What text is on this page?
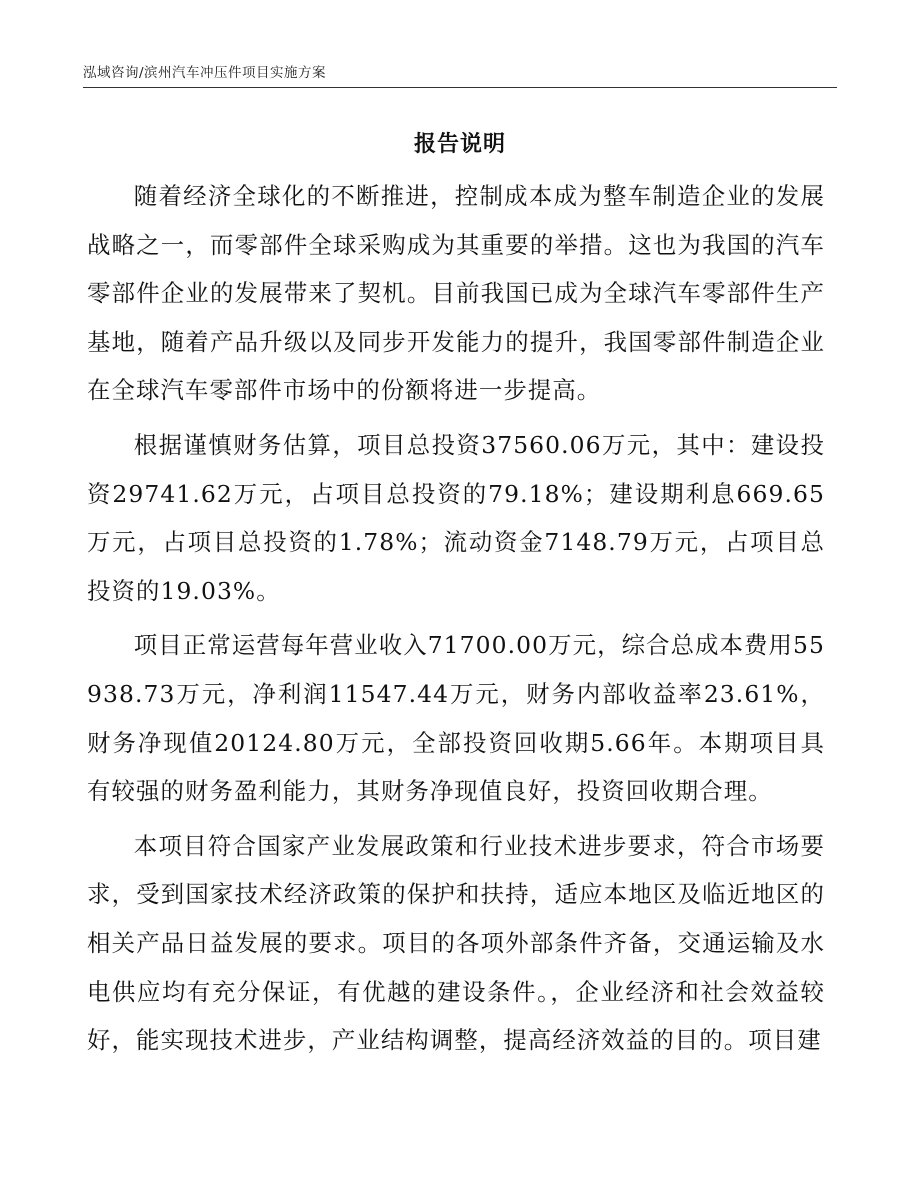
泓域咨询/滨州汽车冲压件项目实施方案
报告说明

随着经济全球化的不断推进，控制成本成为整车制造企业的发展战略之一，而零部件全球采购成为其重要的举措。这也为我国的汽车零部件企业的发展带来了契机。目前我国已成为全球汽车零部件生产基地，随着产品升级以及同步开发能力的提升，我国零部件制造企业在全球汽车零部件市场中的份额将进一步提高。

根据谨慎财务估算，项目总投资37560.06万元，其中：建设投资29741.62万元，占项目总投资的79.18%；建设期利息669.65万元，占项目总投资的1.78%；流动资金7148.79万元，占项目总投资的19.03%。

项目正常运营每年营业收入71700.00万元，综合总成本费用55938.73万元，净利润11547.44万元，财务内部收益率23.61%，财务净现值20124.80万元，全部投资回收期5.66年。本期项目具有较强的财务盈利能力，其财务净现值良好，投资回收期合理。

本项目符合国家产业发展政策和行业技术进步要求，符合市场要求，受到国家技术经济政策的保护和扶持，适应本地区及临近地区的相关产品日益发展的要求。项目的各项外部条件齐备，交通运输及水电供应均有充分保证，有优越的建设条件。，企业经济和社会效益较好，能实现技术进步，产业结构调整，提高经济效益的目的。项目建
